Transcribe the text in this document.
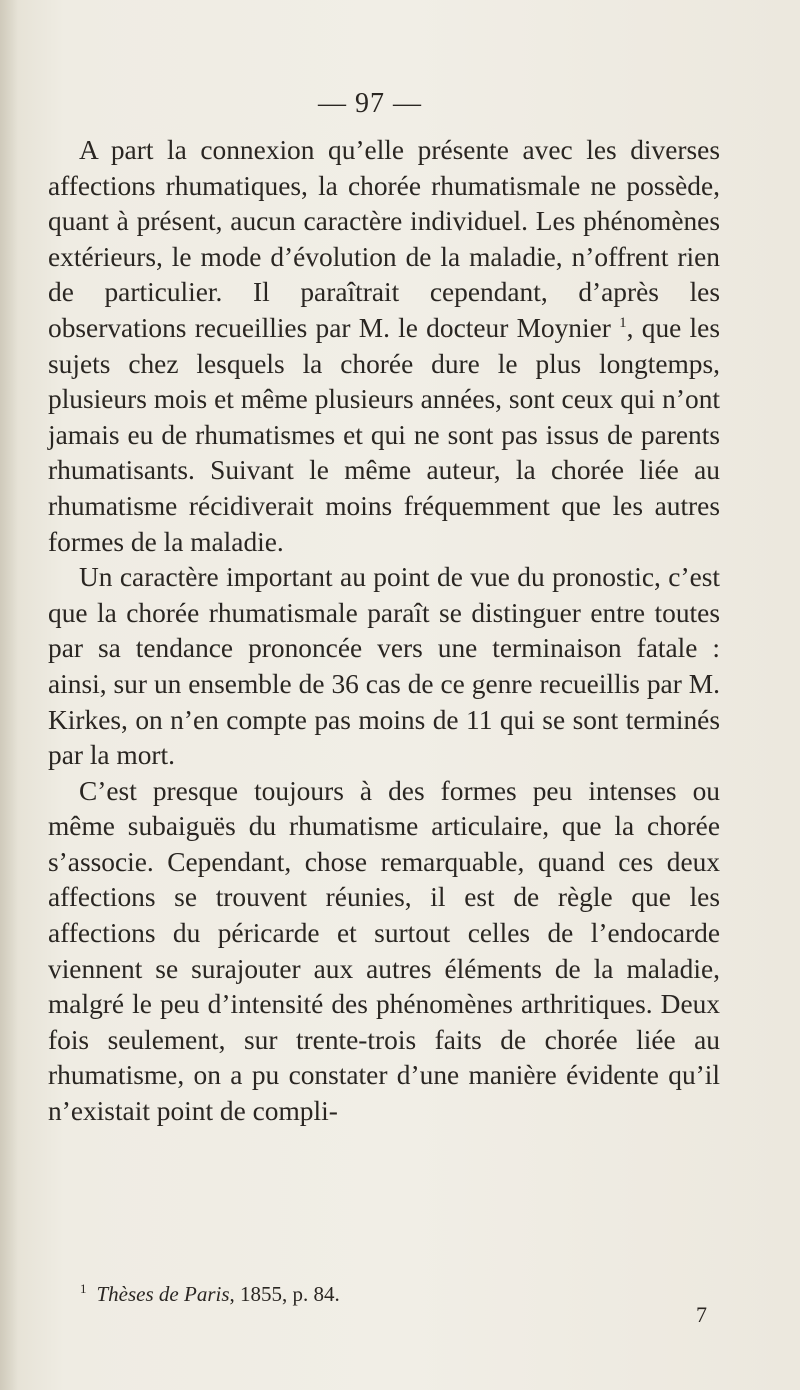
— 97 —

A part la connexion qu’elle présente avec les diverses affections rhumatiques, la chorée rhumatismale ne possède, quant à présent, aucun caractère individuel. Les phénomènes extérieurs, le mode d’évolution de la maladie, n’offrent rien de particulier. Il paraîtrait cependant, d’après les observations recueillies par M. le docteur Moynier $^1$, que les sujets chez lesquels la chorée dure le plus longtemps, plusieurs mois et même plusieurs années, sont ceux qui n’ont jamais eu de rhumatismes et qui ne sont pas issus de parents rhumatisants. Suivant le même auteur, la chorée liée au rhumatisme récidiverait moins fréquemment que les autres formes de la maladie.

Un caractère important au point de vue du pronostic, c’est que la chorée rhumatismale paraît se distinguer entre toutes par sa tendance prononcée vers une terminaison fatale : ainsi, sur un ensemble de 36 cas de ce genre recueillis par M. Kirkes, on n’en compte pas moins de 11 qui se sont terminés par la mort.

C’est presque toujours à des formes peu intenses ou même subaiguës du rhumatisme articulaire, que la chorée s’associe. Cependant, chose remarquable, quand ces deux affections se trouvent réunies, il est de règle que les affections du péricarde et surtout celles de l’endocarde viennent se surajouter aux autres éléments de la maladie, malgré le peu d’intensité des phénomènes arthritiques. Deux fois seulement, sur trente-trois faits de chorée liée au rhumatisme, on a pu constater d’une manière évidente qu’il n’existait point de compli-

$^1$ Thèses de Paris, 1855, p. 84.
7
